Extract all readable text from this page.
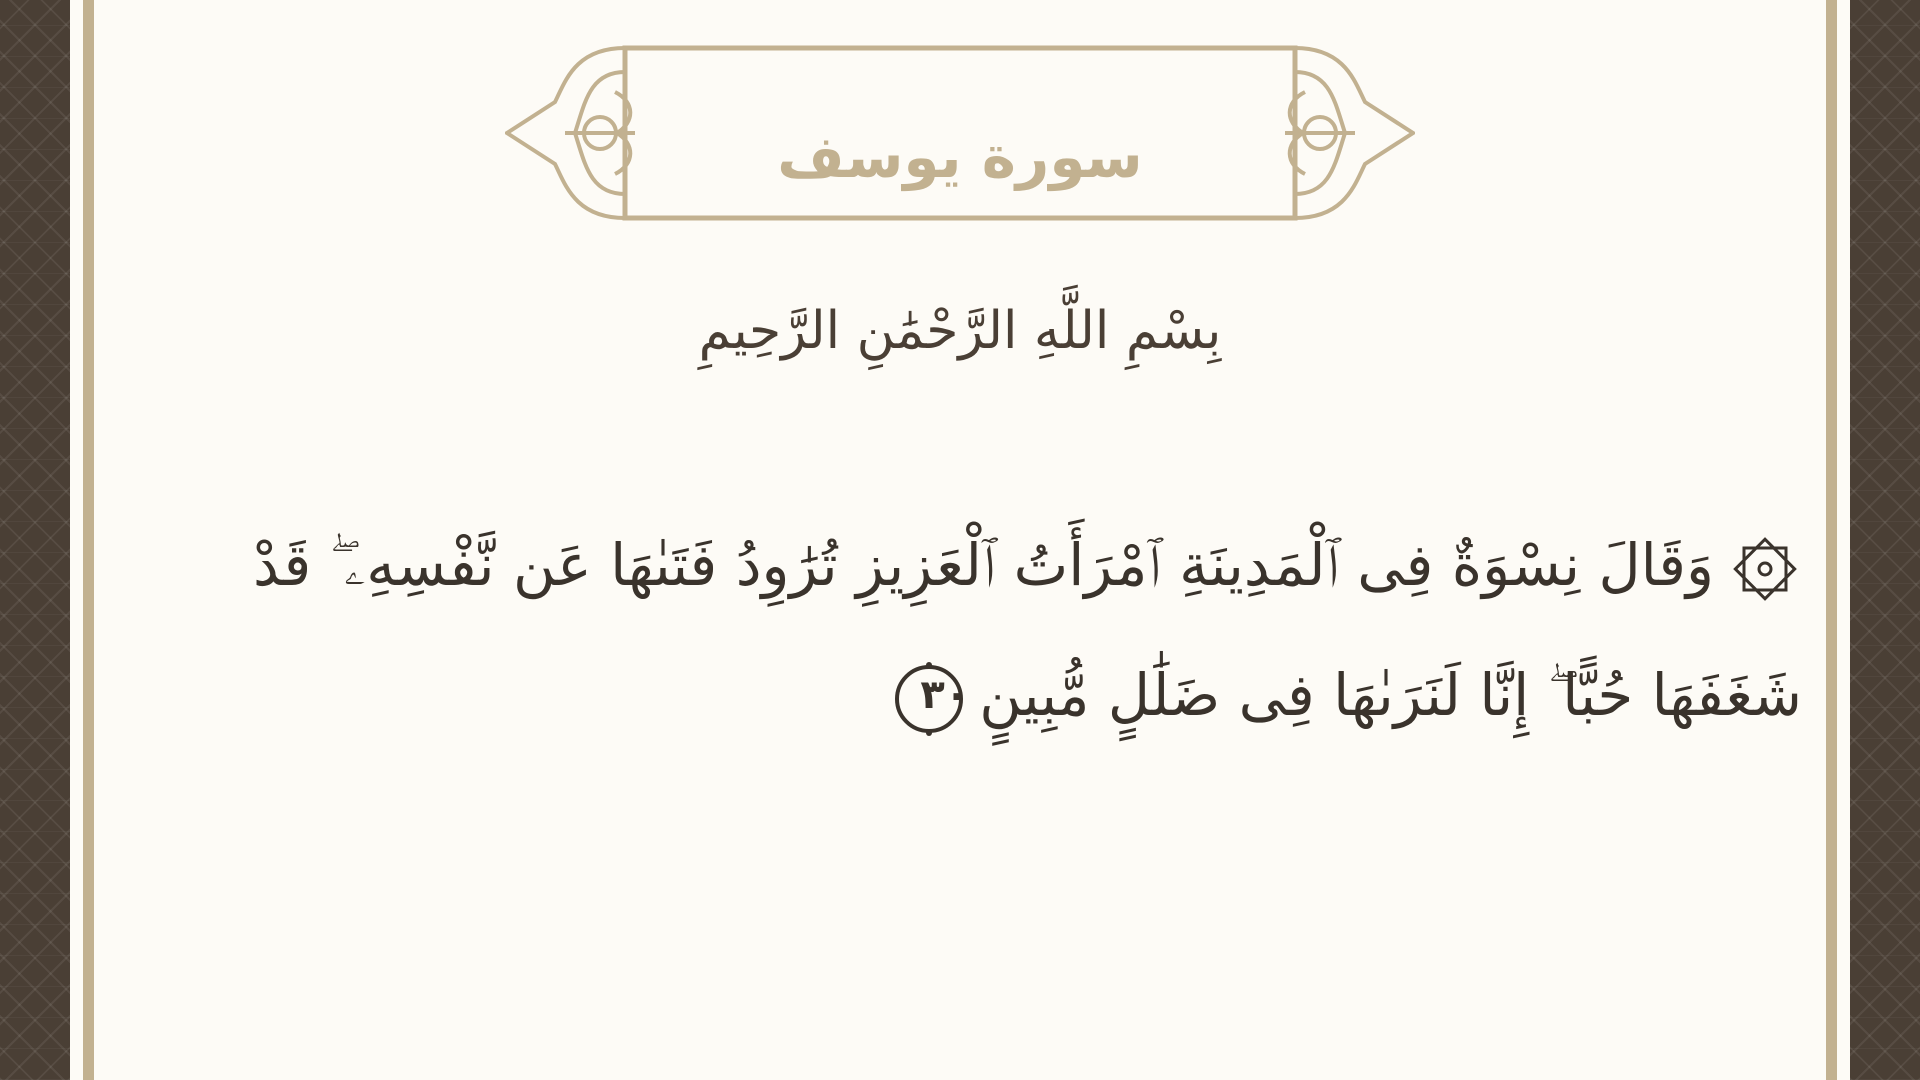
سورة يوسف
بِسْمِ اللَّهِ الرَّحْمَٰنِ الرَّحِيمِ
وَقَالَ نِسْوَةٌ فِى ٱلْمَدِينَةِ ٱمْرَأَتُ ٱلْعَزِيزِ تُرَٰوِدُ فَتَىٰهَا عَن نَّفْسِهِۦ ۖ قَدْ
شَغَفَهَا حُبًّا ۖ إِنَّا لَنَرَىٰهَا فِى ضَلَٰلٍ مُّبِينٍ
٣٠
